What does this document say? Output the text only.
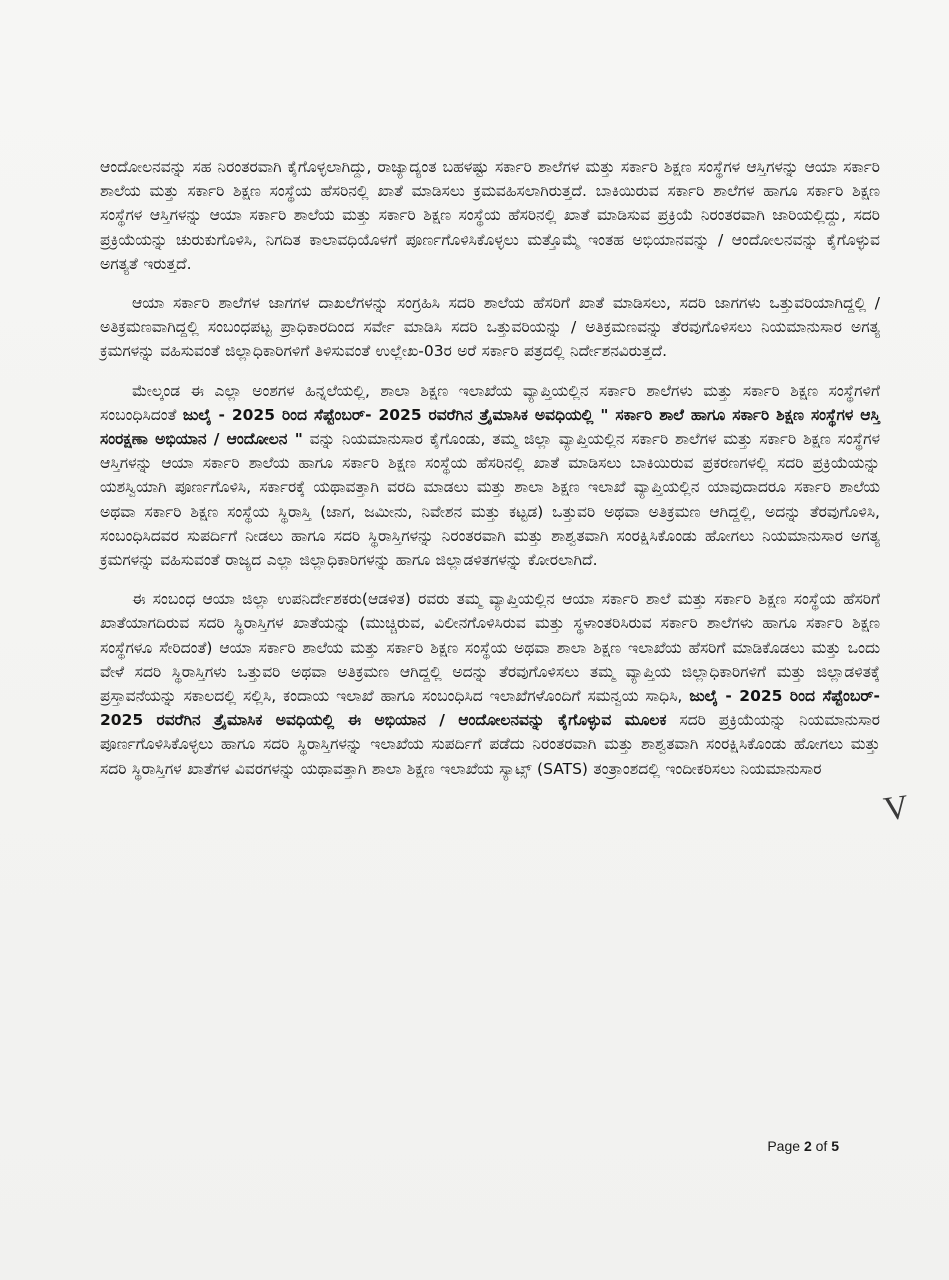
ಆಂದೋಲನವನ್ನು ಸಹ ನಿರಂತರವಾಗಿ ಕೈಗೊಳ್ಳಲಾಗಿದ್ದು, ರಾಜ್ಯಾದ್ಯಂತ ಬಹಳಷ್ಟು ಸರ್ಕಾರಿ ಶಾಲೆಗಳ ಮತ್ತು ಸರ್ಕಾರಿ ಶಿಕ್ಷಣ ಸಂಸ್ಥೆಗಳ ಆಸ್ತಿಗಳನ್ನು ಆಯಾ ಸರ್ಕಾರಿ ಶಾಲೆಯ ಮತ್ತು ಸರ್ಕಾರಿ ಶಿಕ್ಷಣ ಸಂಸ್ಥೆಯ ಹೆಸರಿನಲ್ಲಿ ಖಾತೆ ಮಾಡಿಸಲು ಕ್ರಮವಹಿಸಲಾಗಿರುತ್ತದೆ. ಬಾಕಿಯಿರುವ ಸರ್ಕಾರಿ ಶಾಲೆಗಳ ಹಾಗೂ ಸರ್ಕಾರಿ ಶಿಕ್ಷಣ ಸಂಸ್ಥೆಗಳ ಆಸ್ತಿಗಳನ್ನು ಆಯಾ ಸರ್ಕಾರಿ ಶಾಲೆಯ ಮತ್ತು ಸರ್ಕಾರಿ ಶಿಕ್ಷಣ ಸಂಸ್ಥೆಯ ಹೆಸರಿನಲ್ಲಿ ಖಾತೆ ಮಾಡಿಸುವ ಪ್ರಕ್ರಿಯೆ ನಿರಂತರವಾಗಿ ಜಾರಿಯಲ್ಲಿದ್ದು, ಸದರಿ ಪ್ರಕ್ರಿಯೆಯನ್ನು ಚುರುಕುಗೊಳಿಸಿ, ನಿಗದಿತ ಕಾಲಾವಧಿಯೊಳಗೆ ಪೂರ್ಣಗೊಳಿಸಿಕೊಳ್ಳಲು ಮತ್ತೊಮ್ಮೆ ಇಂತಹ ಅಭಿಯಾನವನ್ನು / ಆಂದೋಲನವನ್ನು ಕೈಗೊಳ್ಳುವ ಅಗತ್ಯತೆ ಇರುತ್ತದೆ.

ಆಯಾ ಸರ್ಕಾರಿ ಶಾಲೆಗಳ ಜಾಗಗಳ ದಾಖಲೆಗಳನ್ನು ಸಂಗ್ರಹಿಸಿ ಸದರಿ ಶಾಲೆಯ ಹೆಸರಿಗೆ ಖಾತೆ ಮಾಡಿಸಲು, ಸದರಿ ಜಾಗಗಳು ಒತ್ತುವರಿಯಾಗಿದ್ದಲ್ಲಿ / ಅತಿಕ್ರಮಣವಾಗಿದ್ದಲ್ಲಿ ಸಂಬಂಧಪಟ್ಟ ಪ್ರಾಧಿಕಾರದಿಂದ ಸರ್ವೇ ಮಾಡಿಸಿ ಸದರಿ ಒತ್ತುವರಿಯನ್ನು / ಅತಿಕ್ರಮಣವನ್ನು ತೆರವುಗೊಳಿಸಲು ನಿಯಮಾನುಸಾರ ಅಗತ್ಯ ಕ್ರಮಗಳನ್ನು ವಹಿಸುವಂತೆ ಜಿಲ್ಲಾಧಿಕಾರಿಗಳಿಗೆ ತಿಳಿಸುವಂತೆ ಉಲ್ಲೇಖ-03ರ ಅರೆ ಸರ್ಕಾರಿ ಪತ್ರದಲ್ಲಿ ನಿರ್ದೇಶನವಿರುತ್ತದೆ.

ಮೇಲ್ಕಂಡ ಈ ಎಲ್ಲಾ ಅಂಶಗಳ ಹಿನ್ನಲೆಯಲ್ಲಿ, ಶಾಲಾ ಶಿಕ್ಷಣ ಇಲಾಖೆಯ ವ್ಯಾಪ್ತಿಯಲ್ಲಿನ ಸರ್ಕಾರಿ ಶಾಲೆಗಳು ಮತ್ತು ಸರ್ಕಾರಿ ಶಿಕ್ಷಣ ಸಂಸ್ಥೆಗಳಿಗೆ ಸಂಬಂಧಿಸಿದಂತೆ ಜುಲೈ - 2025 ರಿಂದ ಸೆಪ್ಟೆಂಬರ್- 2025 ರವರೆಗಿನ ತ್ರೈಮಾಸಿಕ ಅವಧಿಯಲ್ಲಿ " ಸರ್ಕಾರಿ ಶಾಲೆ ಹಾಗೂ ಸರ್ಕಾರಿ ಶಿಕ್ಷಣ ಸಂಸ್ಥೆಗಳ ಆಸ್ತಿ ಸಂರಕ್ಷಣಾ ಅಭಿಯಾನ / ಆಂದೋಲನ " ವನ್ನು ನಿಯಮಾನುಸಾರ ಕೈಗೊಂಡು, ತಮ್ಮ ಜಿಲ್ಲಾ ವ್ಯಾಪ್ತಿಯಲ್ಲಿನ ಸರ್ಕಾರಿ ಶಾಲೆಗಳ ಮತ್ತು ಸರ್ಕಾರಿ ಶಿಕ್ಷಣ ಸಂಸ್ಥೆಗಳ ಆಸ್ತಿಗಳನ್ನು ಆಯಾ ಸರ್ಕಾರಿ ಶಾಲೆಯ ಹಾಗೂ ಸರ್ಕಾರಿ ಶಿಕ್ಷಣ ಸಂಸ್ಥೆಯ ಹೆಸರಿನಲ್ಲಿ ಖಾತೆ ಮಾಡಿಸಲು ಬಾಕಿಯಿರುವ ಪ್ರಕರಣಗಳಲ್ಲಿ ಸದರಿ ಪ್ರಕ್ರಿಯೆಯನ್ನು ಯಶಸ್ವಿಯಾಗಿ ಪೂರ್ಣಗೊಳಿಸಿ, ಸರ್ಕಾರಕ್ಕೆ ಯಥಾವತ್ತಾಗಿ ವರದಿ ಮಾಡಲು ಮತ್ತು ಶಾಲಾ ಶಿಕ್ಷಣ ಇಲಾಖೆ ವ್ಯಾಪ್ತಿಯಲ್ಲಿನ ಯಾವುದಾದರೂ ಸರ್ಕಾರಿ ಶಾಲೆಯ ಅಥವಾ ಸರ್ಕಾರಿ ಶಿಕ್ಷಣ ಸಂಸ್ಥೆಯ ಸ್ಥಿರಾಸ್ತಿ (ಜಾಗ, ಜಮೀನು, ನಿವೇಶನ ಮತ್ತು ಕಟ್ಟಡ) ಒತ್ತುವರಿ ಅಥವಾ ಅತಿಕ್ರಮಣ ಆಗಿದ್ದಲ್ಲಿ, ಅದನ್ನು ತೆರವುಗೊಳಿಸಿ, ಸಂಬಂಧಿಸಿದವರ ಸುಪರ್ದಿಗೆ ನೀಡಲು ಹಾಗೂ ಸದರಿ ಸ್ಥಿರಾಸ್ತಿಗಳನ್ನು ನಿರಂತರವಾಗಿ ಮತ್ತು ಶಾಶ್ವತವಾಗಿ ಸಂರಕ್ಷಿಸಿಕೊಂಡು ಹೋಗಲು ನಿಯಮಾನುಸಾರ ಅಗತ್ಯ ಕ್ರಮಗಳನ್ನು ವಹಿಸುವಂತೆ ರಾಜ್ಯದ ಎಲ್ಲಾ ಜಿಲ್ಲಾಧಿಕಾರಿಗಳನ್ನು ಹಾಗೂ ಜಿಲ್ಲಾಡಳಿತಗಳನ್ನು ಕೋರಲಾಗಿದೆ.

ಈ ಸಂಬಂಧ ಆಯಾ ಜಿಲ್ಲಾ ಉಪನಿರ್ದೇಶಕರು(ಆಡಳಿತ) ರವರು ತಮ್ಮ ವ್ಯಾಪ್ತಿಯಲ್ಲಿನ ಆಯಾ ಸರ್ಕಾರಿ ಶಾಲೆ ಮತ್ತು ಸರ್ಕಾರಿ ಶಿಕ್ಷಣ ಸಂಸ್ಥೆಯ ಹೆಸರಿಗೆ ಖಾತೆಯಾಗದಿರುವ ಸದರಿ ಸ್ಥಿರಾಸ್ತಿಗಳ ಖಾತೆಯನ್ನು (ಮುಚ್ಚಿರುವ, ವಿಲೀನಗೊಳಿಸಿರುವ ಮತ್ತು ಸ್ಥಳಾಂತರಿಸಿರುವ ಸರ್ಕಾರಿ ಶಾಲೆಗಳು ಹಾಗೂ ಸರ್ಕಾರಿ ಶಿಕ್ಷಣ ಸಂಸ್ಥೆಗಳೂ ಸೇರಿದಂತೆ) ಆಯಾ ಸರ್ಕಾರಿ ಶಾಲೆಯ ಮತ್ತು ಸರ್ಕಾರಿ ಶಿಕ್ಷಣ ಸಂಸ್ಥೆಯ ಅಥವಾ ಶಾಲಾ ಶಿಕ್ಷಣ ಇಲಾಖೆಯ ಹೆಸರಿಗೆ ಮಾಡಿಕೊಡಲು ಮತ್ತು ಒಂದು ವೇಳೆ ಸದರಿ ಸ್ಥಿರಾಸ್ತಿಗಳು ಒತ್ತುವರಿ ಅಥವಾ ಅತಿಕ್ರಮಣ ಆಗಿದ್ದಲ್ಲಿ ಅದನ್ನು ತೆರವುಗೊಳಿಸಲು ತಮ್ಮ ವ್ಯಾಪ್ತಿಯ ಜಿಲ್ಲಾಧಿಕಾರಿಗಳಿಗೆ ಮತ್ತು ಜಿಲ್ಲಾಡಳಿತಕ್ಕೆ ಪ್ರಸ್ತಾವನೆಯನ್ನು ಸಕಾಲದಲ್ಲಿ ಸಲ್ಲಿಸಿ, ಕಂದಾಯ ಇಲಾಖೆ ಹಾಗೂ ಸಂಬಂಧಿಸಿದ ಇಲಾಖೆಗಳೊಂದಿಗೆ ಸಮನ್ವಯ ಸಾಧಿಸಿ, ಜುಲೈ - 2025 ರಿಂದ ಸೆಪ್ಟೆಂಬರ್- 2025 ರವರೆಗಿನ ತ್ರೈಮಾಸಿಕ ಅವಧಿಯಲ್ಲಿ ಈ ಅಭಿಯಾನ / ಆಂದೋಲನವನ್ನು ಕೈಗೊಳ್ಳುವ ಮೂಲಕ ಸದರಿ ಪ್ರಕ್ರಿಯೆಯನ್ನು ನಿಯಮಾನುಸಾರ ಪೂರ್ಣಗೊಳಿಸಿಕೊಳ್ಳಲು ಹಾಗೂ ಸದರಿ ಸ್ಥಿರಾಸ್ತಿಗಳನ್ನು ಇಲಾಖೆಯ ಸುಪರ್ದಿಗೆ ಪಡೆದು ನಿರಂತರವಾಗಿ ಮತ್ತು ಶಾಶ್ವತವಾಗಿ ಸಂರಕ್ಷಿಸಿಕೊಂಡು ಹೋಗಲು ಮತ್ತು ಸದರಿ ಸ್ಥಿರಾಸ್ತಿಗಳ ಖಾತೆಗಳ ವಿವರಗಳನ್ನು ಯಥಾವತ್ತಾಗಿ ಶಾಲಾ ಶಿಕ್ಷಣ ಇಲಾಖೆಯ ಸ್ಯಾಟ್ಸ್ (SATS) ತಂತ್ರಾಂಶದಲ್ಲಿ ಇಂದೀಕರಿಸಲು ನಿಯಮಾನುಸಾರ

V
Page 2 of 5
